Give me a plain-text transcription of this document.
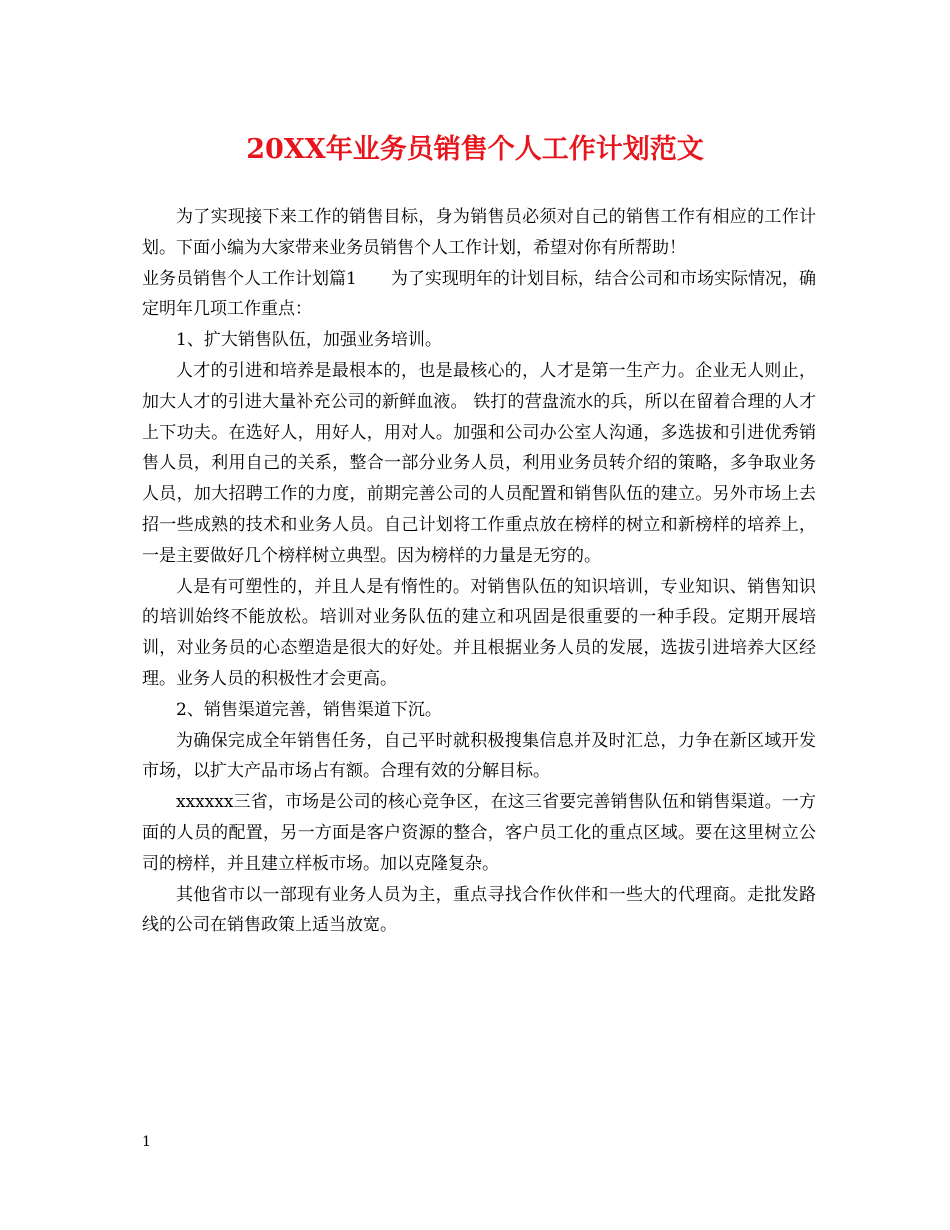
20XX年业务员销售个人工作计划范文

为了实现接下来工作的销售目标，身为销售员必须对自己的销售工作有相应的工作计划。下面小编为大家带来业务员销售个人工作计划，希望对你有所帮助！

业务员销售个人工作计划篇1 为了实现明年的计划目标，结合公司和市场实际情况，确定明年几项工作重点：

1、扩大销售队伍，加强业务培训。

人才的引进和培养是最根本的，也是最核心的，人才是第一生产力。企业无人则止，加大人才的引进大量补充公司的新鲜血液。 铁打的营盘流水的兵，所以在留着合理的人才上下功夫。在选好人，用好人，用对人。加强和公司办公室人沟通，多选拔和引进优秀销售人员，利用自己的关系，整合一部分业务人员，利用业务员转介绍的策略，多争取业务人员，加大招聘工作的力度，前期完善公司的人员配置和销售队伍的建立。另外市场上去招一些成熟的技术和业务人员。自己计划将工作重点放在榜样的树立和新榜样的培养上，一是主要做好几个榜样树立典型。因为榜样的力量是无穷的。

人是有可塑性的，并且人是有惰性的。对销售队伍的知识培训，专业知识、销售知识的培训始终不能放松。培训对业务队伍的建立和巩固是很重要的一种手段。定期开展培训，对业务员的心态塑造是很大的好处。并且根据业务人员的发展，选拔引进培养大区经理。业务人员的积极性才会更高。

2、销售渠道完善，销售渠道下沉。

为确保完成全年销售任务，自己平时就积极搜集信息并及时汇总，力争在新区域开发市场，以扩大产品市场占有额。合理有效的分解目标。

xxxxxx三省，市场是公司的核心竞争区，在这三省要完善销售队伍和销售渠道。一方面的人员的配置，另一方面是客户资源的整合，客户员工化的重点区域。要在这里树立公司的榜样，并且建立样板市场。加以克隆复杂。

其他省市以一部现有业务人员为主，重点寻找合作伙伴和一些大的代理商。走批发路线的公司在销售政策上适当放宽。

1
